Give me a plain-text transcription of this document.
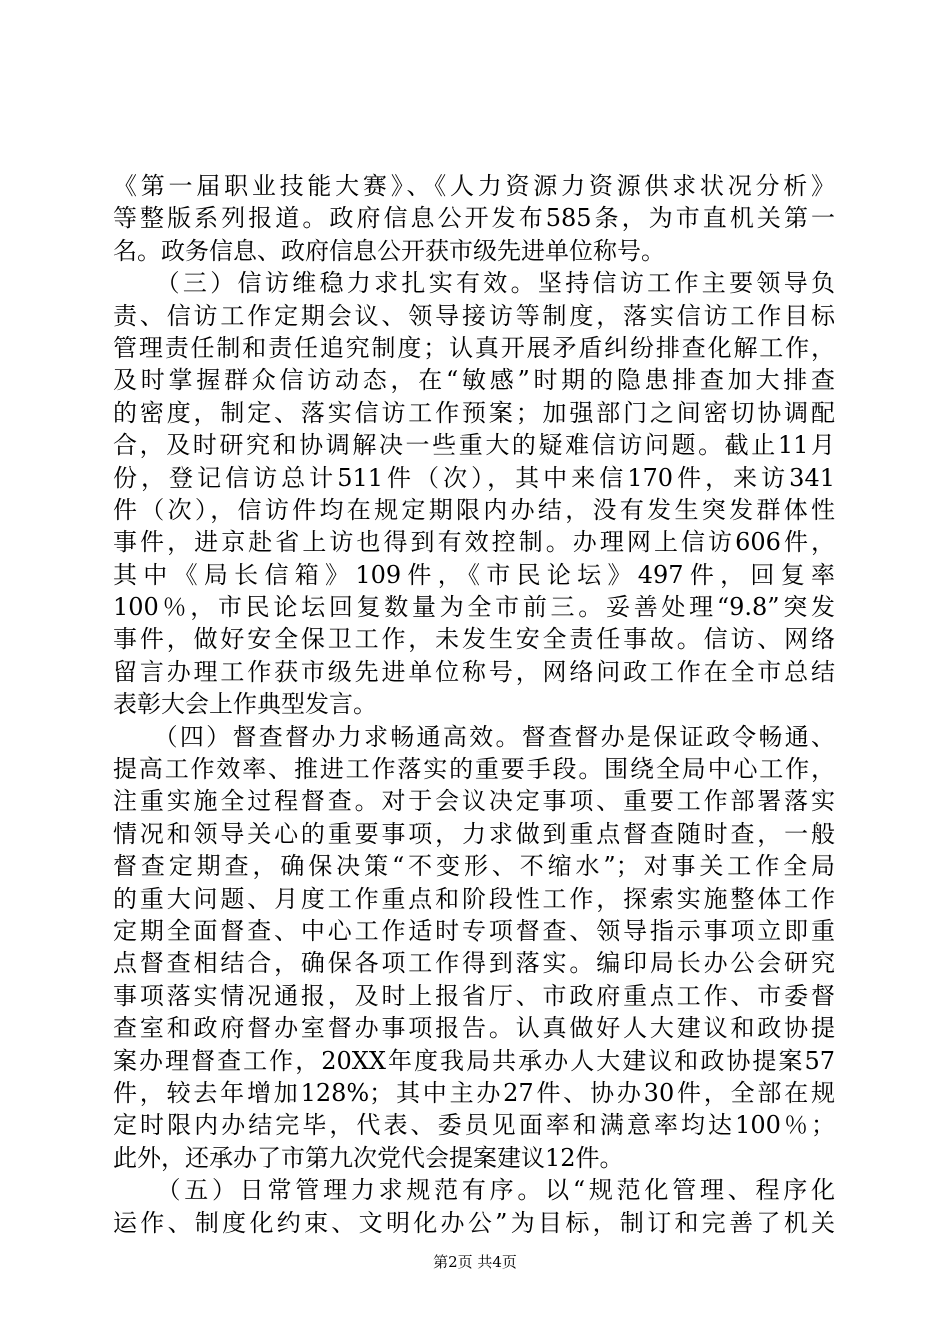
《第一届职业技能大赛》、《人力资源力资源供求状况分析》
等整版系列报道。政府信息公开发布585条，为市直机关第一
名。政务信息、政府信息公开获市级先进单位称号。
　　（三）信访维稳力求扎实有效。坚持信访工作主要领导负
责、信访工作定期会议、领导接访等制度，落实信访工作目标
管理责任制和责任追究制度；认真开展矛盾纠纷排查化解工作，
及时掌握群众信访动态，在“敏感”时期的隐患排查加大排查
的密度，制定、落实信访工作预案；加强部门之间密切协调配
合，及时研究和协调解决一些重大的疑难信访问题。截止11月
份，登记信访总计511件（次），其中来信170件，来访341
件（次），信访件均在规定期限内办结，没有发生突发群体性
事件，进京赴省上访也得到有效控制。办理网上信访606件，
其中《局长信箱》109件，《市民论坛》497件，回复率
100％，市民论坛回复数量为全市前三。妥善处理“9.8”突发
事件，做好安全保卫工作，未发生安全责任事故。信访、网络
留言办理工作获市级先进单位称号，网络问政工作在全市总结
表彰大会上作典型发言。
　　（四）督查督办力求畅通高效。督查督办是保证政令畅通、
提高工作效率、推进工作落实的重要手段。围绕全局中心工作，
注重实施全过程督查。对于会议决定事项、重要工作部署落实
情况和领导关心的重要事项，力求做到重点督查随时查，一般
督查定期查，确保决策“不变形、不缩水”；对事关工作全局
的重大问题、月度工作重点和阶段性工作，探索实施整体工作
定期全面督查、中心工作适时专项督查、领导指示事项立即重
点督查相结合，确保各项工作得到落实。编印局长办公会研究
事项落实情况通报，及时上报省厅、市政府重点工作、市委督
查室和政府督办室督办事项报告。认真做好人大建议和政协提
案办理督查工作，20XX年度我局共承办人大建议和政协提案57
件，较去年增加128%；其中主办27件、协办30件，全部在规
定时限内办结完毕，代表、委员见面率和满意率均达100％；
此外，还承办了市第九次党代会提案建议12件。
　　（五）日常管理力求规范有序。以“规范化管理、程序化
运作、制度化约束、文明化办公”为目标，制订和完善了机关
第2页 共4页
